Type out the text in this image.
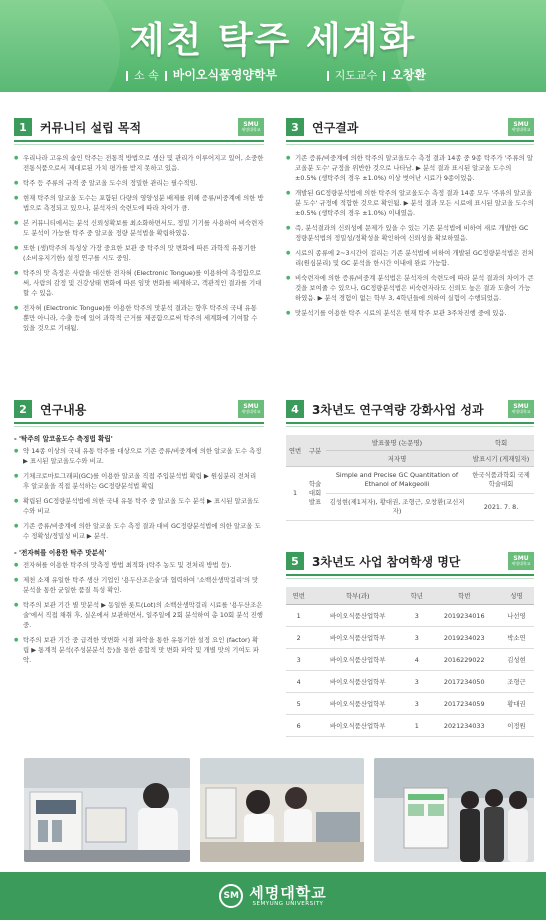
제천 탁주 세계화
소 속 바이오식품영양학부	지도교수 오창환
1	커뮤니티 설립 목적	SMU
세명대학교
● 우리나라 고유의 술인 탁주는 전통적 방법으로 생산 및 관리가 이루어지고 있어, 소중한 전통식품으로서 제대로된 가치 평가를 받지 못하고 있음.
● 탁주 등 주류의 규격 중 알코올 도수의 정밀한 관리는 필수적임.
● 현재 탁주의 알코올 도수는 포함된 다량의 영양성분 배제를 위해 증류/비중계에 의한 방법으로 측정되고 있으나, 분석자의 숙련도에 따라 차이가 큼.
● 본 커뮤니티에서는 분석 신뢰성확보를 최소화하면서도, 정밀 기기를 사용하여 비숙련자도 분석이 가능한 탁주 중 알코올 정량 분석법을 확립하였음.
● 또한 (생)탁주의 특성상 가장 중요한 보관 중 탁주의 맛 변화에 따른 과학적 유통기한(소비유지기한) 설정 연구를 시도 중임.
● 탁주의 맛 측정은 사람을 대신한 전자혀 (Electronic Tongue)를 이용하여 측정함으로써, 사람의 감정 및 건강상태 변화에 따른 임맛 변화를 배제하고, 객관적인 결과를 기대할 수 있음.
● 전자혀 (Electronic Tongue)를 이용한 탁주의 맛분석 결과는 향후 탁주의 국내 유통 뿐만 아니라, 수출 등에 있어 과학적 근거를 제공함으로써 탁주의 세계화에 기여할 수 있을 것으로 기대됨.
2	연구내용	SMU
세명대학교
- '탁주의 알코올도수 측정법 확립'
● 약 14종 이상의 국내 유통 탁주를 대상으로 기존 증류/비중계에 의한 알코올 도수 측정 ▶ 표시된 알코올도수와 비교.
● 기체크로마토그래피(GC)를 이용한 알코올 직접 주입분석법 확립 ▶ 원심분리 전처리 후 알코올을 직접 분석하는 GC정량분석법 확립
● 확립된 GC정량분석법에 의한 국내 유통 탁주 중 알코올 도수 분석 ▶ 표시된 알코올도수와 비교
● 기존 증류/비중계에 의한 알코올 도수 측정 결과 대비 GC정량분석법에 의한 알코올 도수 정확성/정밀성 비교 ▶ 분석.
- '전자혀를 이용한 탁주 맛분석'
● 전자혀를 이용한 탁주의 맛측정 방법 최적화 (탁주 농도 및 전처리 방법 등).
● 제천 소재 유일한 탁주 생산 기업인 '용두산조은술'과 협력하여 '소백산생막걸리'의 맛분석을 통한 균일한 품질 특성 확인.
● 탁주의 보관 기간 별 맛분석 ▶ 동일한 롯트(Lot)의 소백산생막걸리 시료를 '용두산조은술'에서 직접 채취 후, 실온에서 보관하면서, 일주일에 2회 분석하여 총 10회 분석 진행 중.
● 탁주의 보관 기간 중 급격한 맛변화 시점 파악을 통한 유통기한 설정 요인 (factor) 확립 ▶ 통계적 분석(주성분분석 등)을 통한 종합적 맛 변화 파악 및 개별 맛의 기여도 파악.
3	연구결과	SMU
세명대학교
● 기존 증류/비중계에 의한 탁주의 알코올도수 측정 결과 14종 중 9종 탁주가 '주류의 알코올분 도수' 규정을 위반한 것으로 나타남. ▶ 분석 결과 표시된 알코올 도수의 ±0.5% (생탁주의 경우 ±1.0%) 이상 벗어난 시료가 9종이었음.
● 개발된 GC정량분석법에 의한 탁주의 알코올도수 측정 결과 14종 모두 '주류의 알코올분 도수' 규정에 적합한 것으로 확인됨. ▶ 분석 결과 모든 시료에 표시된 알코올 도수의 ±0.5% (생탁주의 경우 ±1.0%) 이내였음.
● 즉, 분석결과의 신뢰성에 문제가 있을 수 있는 기존 분석법에 비하여 새로 개발한 GC정량분석법의 정밀성/정확성을 확인하여 신뢰성을 확보하였음.
● 시료의 종류에 2~3시간이 걸리는 기존 분석법에 비하여 개발된 GC정량분석법은 전처리(원심분리) 및 GC 분석을 한시간 이내에 완료 가능함.
● 비숙련자에 의한 증류/비중계 분석법은 분석자의 숙련도에 따라 분석 결과의 차이가 큰 것을 보여줄 수 있으나, GC정량분석법은 비숙련자라도 신뢰도 높은 결과 도출이 가능하였음. ▶ 분석 경험이 없는 학부 3, 4학년들에 의하여 실험이 수행되었음.
● 맛분석기를 이용한 탁주 시료의 분석은 현재 탁주 보관 3주차진행 중에 있음.
4	3차년도 연구역량 강화사업 성과	SMU
세명대학교
연번	구분	발표물명 (논문명)	학회
		저자명	발표시기 (게재일자)
1	학술대회 발표	Simple and Precise GC Quantitation of Ethanol of Makgeolli	한국식품과학회 국제학술대회
		김성현(제1저자), 황대권, 조형근, 오창환(교신저자)	2021. 7. 8.
5	3차년도 사업 참여학생 명단	SMU
세명대학교
연번	학부(과)	학년	학번	성명
1	바이오식품산업학부	3	2019234016	나선영
2	바이오식품산업학부	3	2019234023	박소연
3	바이오식품산업학부	4	2016229022	김성현
4	바이오식품산업학부	3	2017234050	조형근
5	바이오식품산업학부	3	2017234059	황대권
6	바이오식품산업학부	1	2021234033	이정원
SM 세명대학교
SEMYUNG UNIVERSITY
